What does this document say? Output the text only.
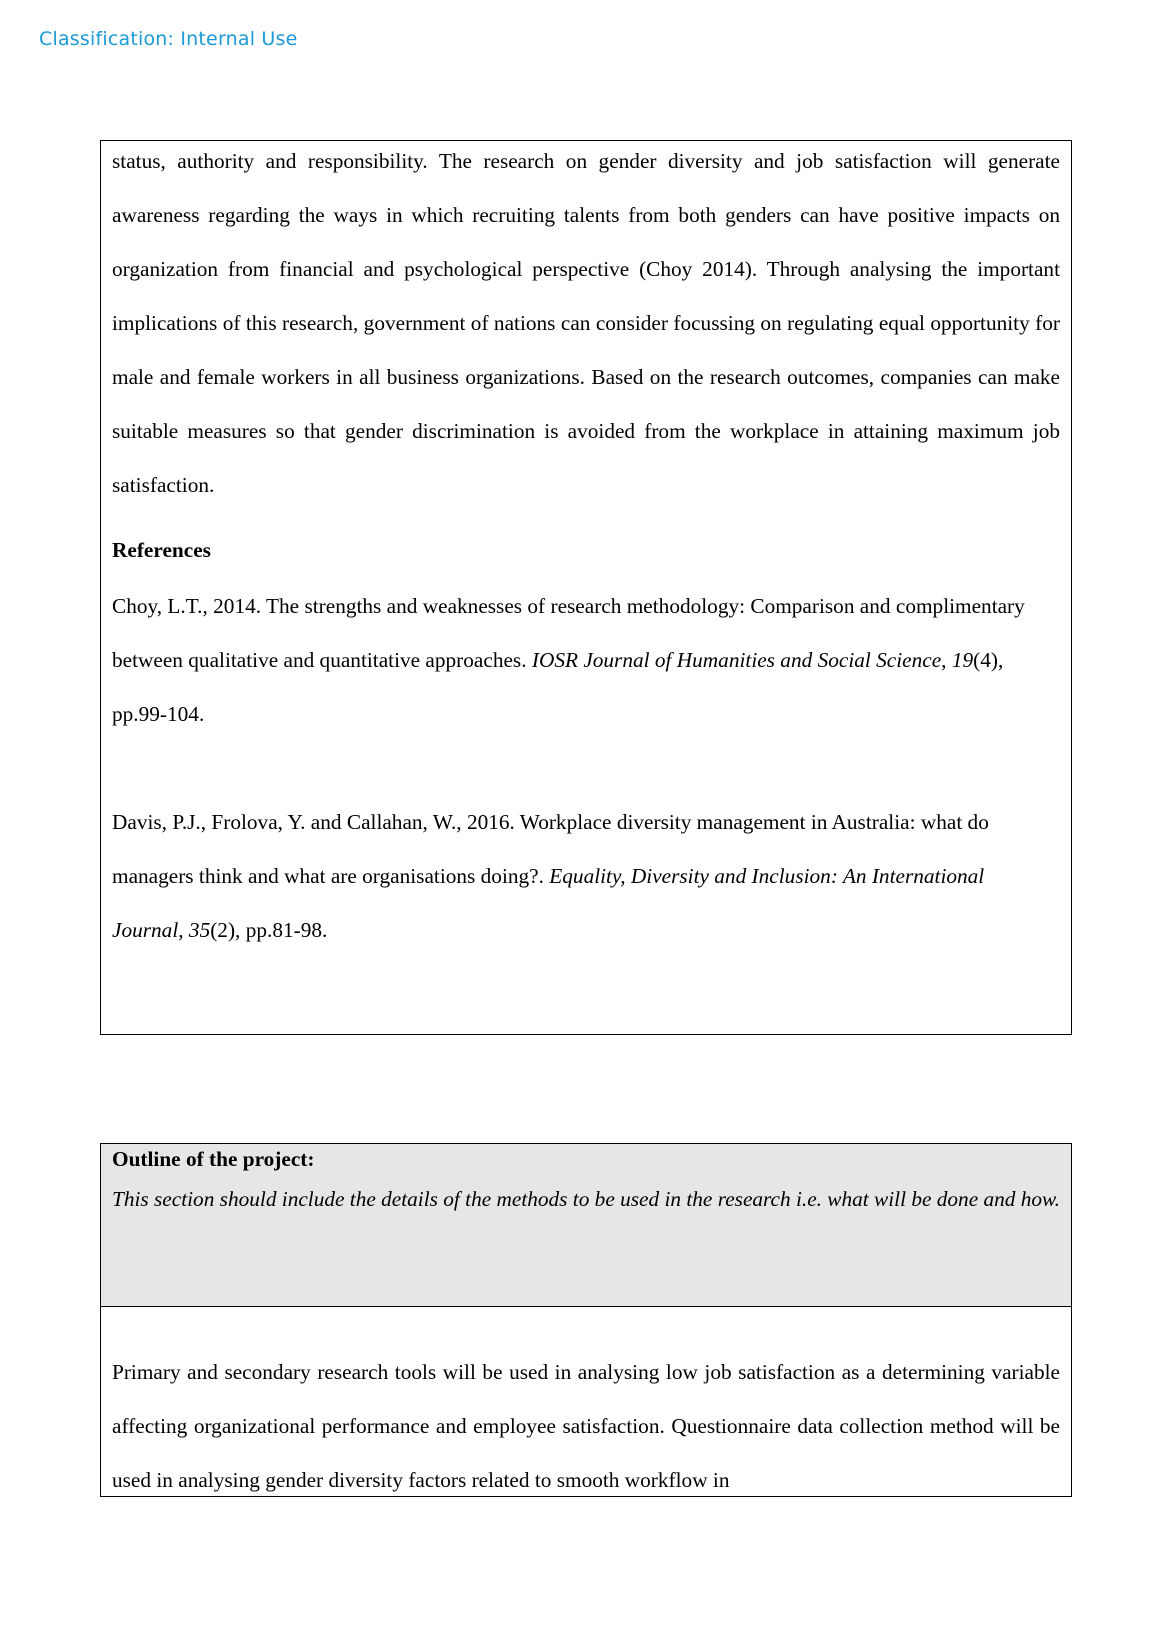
Classification: Internal Use

status, authority and responsibility. The research on gender diversity and job satisfaction will generate awareness regarding the ways in which recruiting talents from both genders can have positive impacts on organization from financial and psychological perspective (Choy 2014). Through analysing the important implications of this research, government of nations can consider focussing on regulating equal opportunity for male and female workers in all business organizations. Based on the research outcomes, companies can make suitable measures so that gender discrimination is avoided from the workplace in attaining maximum job satisfaction.

References

Choy, L.T., 2014. The strengths and weaknesses of research methodology: Comparison and complimentary between qualitative and quantitative approaches. IOSR Journal of Humanities and Social Science, 19(4), pp.99-104.

Davis, P.J., Frolova, Y. and Callahan, W., 2016. Workplace diversity management in Australia: what do managers think and what are organisations doing?. Equality, Diversity and Inclusion: An International Journal, 35(2), pp.81-98.

Outline of the project:

This section should include the details of the methods to be used in the research i.e. what will be done and how.

Primary and secondary research tools will be used in analysing low job satisfaction as a determining variable affecting organizational performance and employee satisfaction. Questionnaire data collection method will be used in analysing gender diversity factors related to smooth workflow in
